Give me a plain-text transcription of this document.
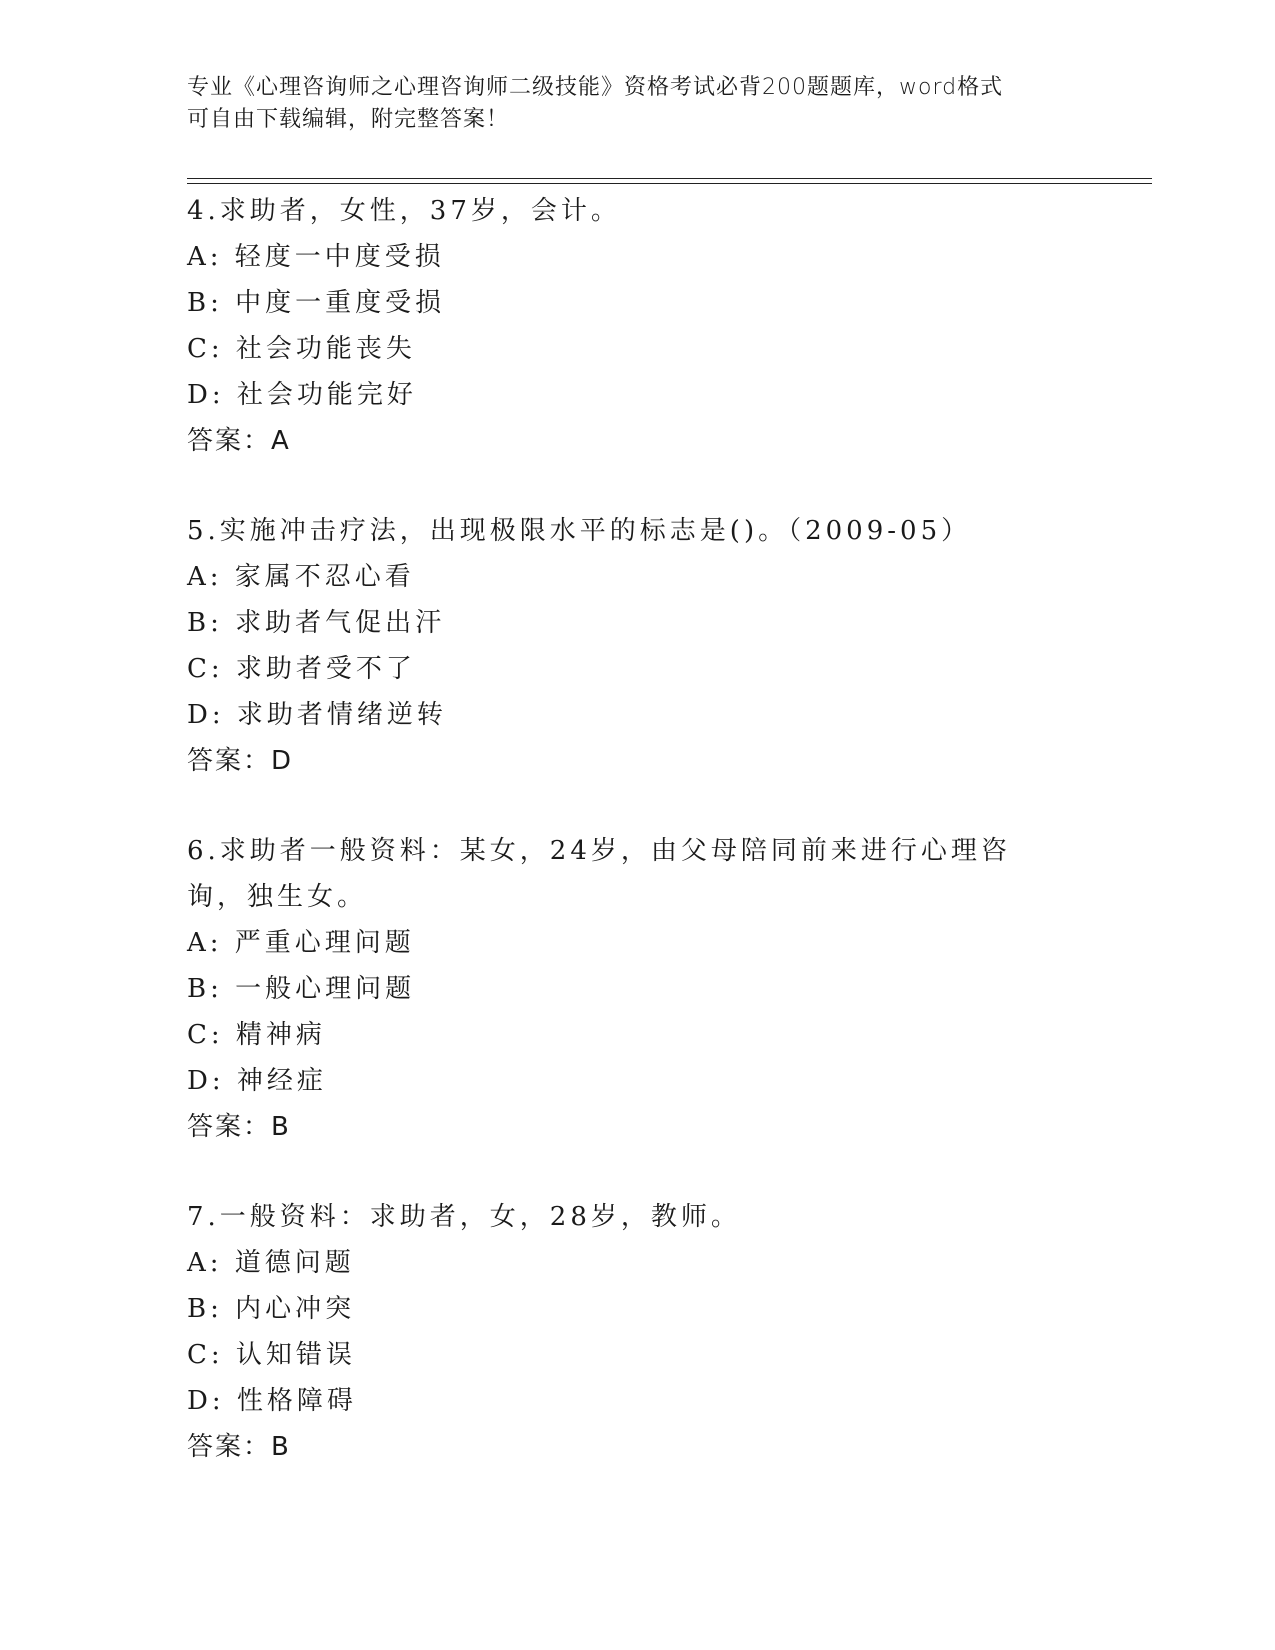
专业《心理咨询师之心理咨询师二级技能》资格考试必背200题题库，word格式
可自由下载编辑，附完整答案！
4.求助者，女性，37岁，会计。
A: 轻度一中度受损
B: 中度一重度受损
C: 社会功能丧失
D: 社会功能完好
答案：A
5.实施冲击疗法，出现极限水平的标志是()。（2009-05）
A: 家属不忍心看
B: 求助者气促出汗
C: 求助者受不了
D: 求助者情绪逆转
答案：D
6.求助者一般资料：某女，24岁，由父母陪同前来进行心理咨询，独生女。
A: 严重心理问题
B: 一般心理问题
C: 精神病
D: 神经症
答案：B
7.一般资料：求助者，女，28岁，教师。
A: 道德问题
B: 内心冲突
C: 认知错误
D: 性格障碍
答案：B
